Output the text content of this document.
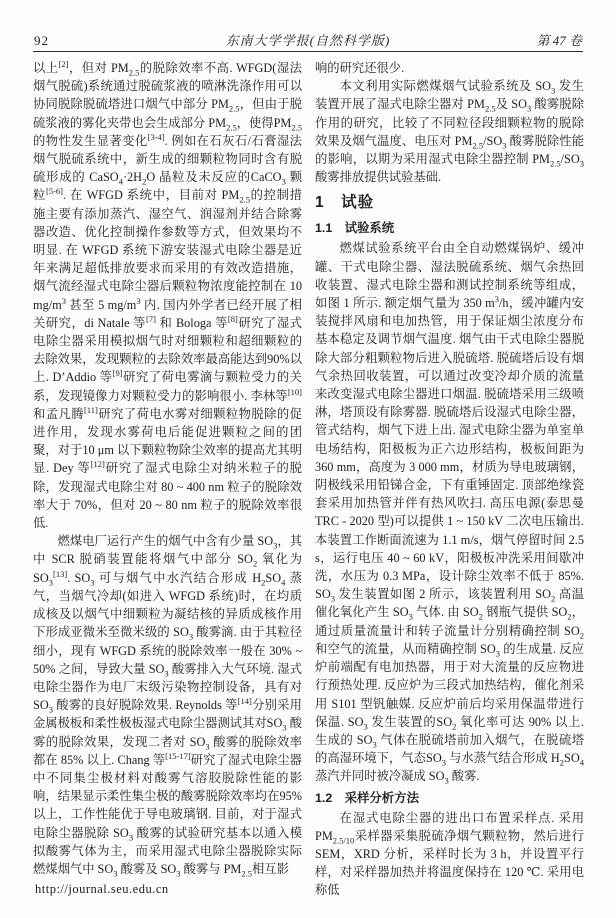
92	东南大学学报(自然科学版)	第 47 卷
以上[2]，但对 $PM_{2.5}$的脱除效率不高. WFGD(湿法烟气脱硫)系统通过脱硫浆液的喷淋洗涤作用可以协同脱除脱硫塔进口烟气中部分 $PM_{2.5}$，但由于脱硫浆液的雾化夹带也会生成部分 $PM_{2.5}$，使得$PM_{2.5}$的物性发生显著变化[3-4]. 例如在石灰石/石膏湿法烟气脱硫系统中，新生成的细颗粒物同时含有脱硫形成的 $CaSO_4\cdot 2H_2O$ 晶粒及未反应的CaCO$_3$ 颗粒[5-6]. 在 WFGD 系统中，目前对 $PM_{2.5}$的控制措施主要有添加蒸汽、湿空气、润湿剂并结合除雾器改造、优化控制操作参数等方式，但效果均不明显. 在 WFGD 系统下游安装湿式电除尘器是近年来满足超低排放要求而采用的有效改造措施，烟气流经湿式电除尘器后颗粒物浓度能控制在 10 $mg/m^3$ 甚至 5 $mg/m^3$ 内. 国内外学者已经开展了相关研究，di Natale 等[7] 和 Bologa 等[8]研究了湿式电除尘器采用模拟烟气时对细颗粒和超细颗粒的去除效果，发现颗粒的去除效率最高能达到90%以上. D’Addio 等[9]研究了荷电雾滴与颗粒受力的关系，发现镜像力对颗粒受力的影响很小. 李林等[10]和孟凡腾[11]研究了荷电水雾对细颗粒物脱除的促进作用，发现水雾荷电后能促进颗粒之间的团聚，对于10 μm 以下颗粒物除尘效率的提高尤其明显. Dey 等[12]研究了湿式电除尘对纳米粒子的脱除，发现湿式电除尘对 80 ~ 400 nm 粒子的脱除效率大于 70%，但对 20 ~ 80 nm 粒子的脱除效率很低.
燃煤电厂运行产生的烟气中含有少量 $SO_3$，其中 SCR 脱硝装置能将烟气中部分 $SO_2$ 氧化为$SO_3[13]$. $SO_3$ 可与烟气中水汽结合形成 $H_2SO_4$ 蒸气，当烟气冷却(如进入 WFGD 系统)时，在均质成核及以烟气中细颗粒为凝结核的异质成核作用下形成亚微米至微米级的 $SO_3$ 酸雾滴. 由于其粒径细小，现有 WFGD 系统的脱除效率一般在 30% ~ 50% 之间，导致大量 $SO_3$ 酸雾排入大气环境. 湿式电除尘器作为电厂末级污染物控制设备，具有对$SO_3$ 酸雾的良好脱除效果. Reynolds 等[14]分别采用金属极板和柔性极板湿式电除尘器测试其对$SO_3$ 酸雾的脱除效果，发现二者对 $SO_3$ 酸雾的脱除效率都在 85% 以上. Chang 等[15-17]研究了湿式电除尘器中不同集尘极材料对酸雾气溶胶脱除性能的影响，结果显示柔性集尘极的酸雾脱除效率均在95%以上，工作性能优于导电玻璃钢. 目前，对于湿式电除尘器脱除 $SO_3$ 酸雾的试验研究基本以通入模拟酸雾气体为主，而采用湿式电除尘器脱除实际燃煤烟气中 $SO_3$ 酸雾及 $SO_3$ 酸雾与 $PM_{2.5}$相互影
响的研究还很少.
本文利用实际燃煤烟气试验系统及 $SO_3$ 发生装置开展了湿式电除尘器对 $PM_{2.5}$及 $SO_3$ 酸雾脱除作用的研究，比较了不同粒径段细颗粒物的脱除效果及烟气温度、电压对 $PM_{2.5}/SO_3$ 酸雾脱除性能的影响，以期为采用湿式电除尘器控制 $PM_{2.5}/SO_3$酸雾排放提供试验基础.
1　试验
1.1　试验系统
燃煤试验系统平台由全自动燃煤锅炉、缓冲罐、干式电除尘器、湿法脱硫系统、烟气余热回收装置、湿式电除尘器和测试控制系统等组成，如图 1 所示. 额定烟气量为 350 $m^3/h$，缓冲罐内安装搅拌风扇和电加热管，用于保证烟尘浓度分布基本稳定及调节烟气温度. 烟气由干式电除尘器脱除大部分粗颗粒物后进入脱硫塔. 脱硫塔后设有烟气余热回收装置，可以通过改变冷却介质的流量来改变湿式电除尘器进口烟温. 脱硫塔采用三级喷淋，塔顶设有除雾器. 脱硫塔后设湿式电除尘器，管式结构，烟气下进上出. 湿式电除尘器为单室单电场结构，阳极板为正六边形结构，极板间距为 360 mm，高度为 3 000 mm，材质为导电玻璃钢，阴极线采用铅锑合金，下有重锤固定. 顶部绝缘瓷套采用加热管并伴有热风吹扫. 高压电源(泰思曼 TRC - 2020 型)可以提供 1 ~ 150 kV 二次电压输出. 本装置工作断面流速为 1.1 m/s，烟气停留时间 2.5 s，运行电压 40 ~ 60 kV，阳极板冲洗采用间歇冲洗，水压为 0.3 MPa，设计除尘效率不低于 85%. $SO_3$ 发生装置如图 2 所示，该装置利用 $SO_2$ 高温催化氧化产生 $SO_3$ 气体. 由 $SO_2$ 钢瓶气提供 $SO_2$，通过质量流量计和转子流量计分别精确控制 $SO_2$ 和空气的流量，从而精确控制 $SO_3$ 的生成量. 反应炉前端配有电加热器，用于对大流量的反应物进行预热处理. 反应炉为三段式加热结构，催化剂采用 S101 型钒触媒. 反应炉前后均采用保温带进行保温. $SO_3$ 发生装置的$SO_2$ 氧化率可达 90% 以上. 生成的 $SO_3$ 气体在脱硫塔前加入烟气，在脱硫塔的高湿环境下，气态$SO_3$ 与水蒸气结合形成 $H_2SO_4$ 蒸汽并同时被冷凝成 $SO_3$ 酸雾.
1.2　采样分析方法
在湿式电除尘器的进出口布置采样点. 采用$PM_{2.5/10}$采样器采集脱硫净烟气颗粒物，然后进行 SEM，XRD 分析，采样时长为 3 h，并设置平行样，对采样器加热并将温度保持在 120 ℃. 采用电称低
http://journal.seu.edu.cn
